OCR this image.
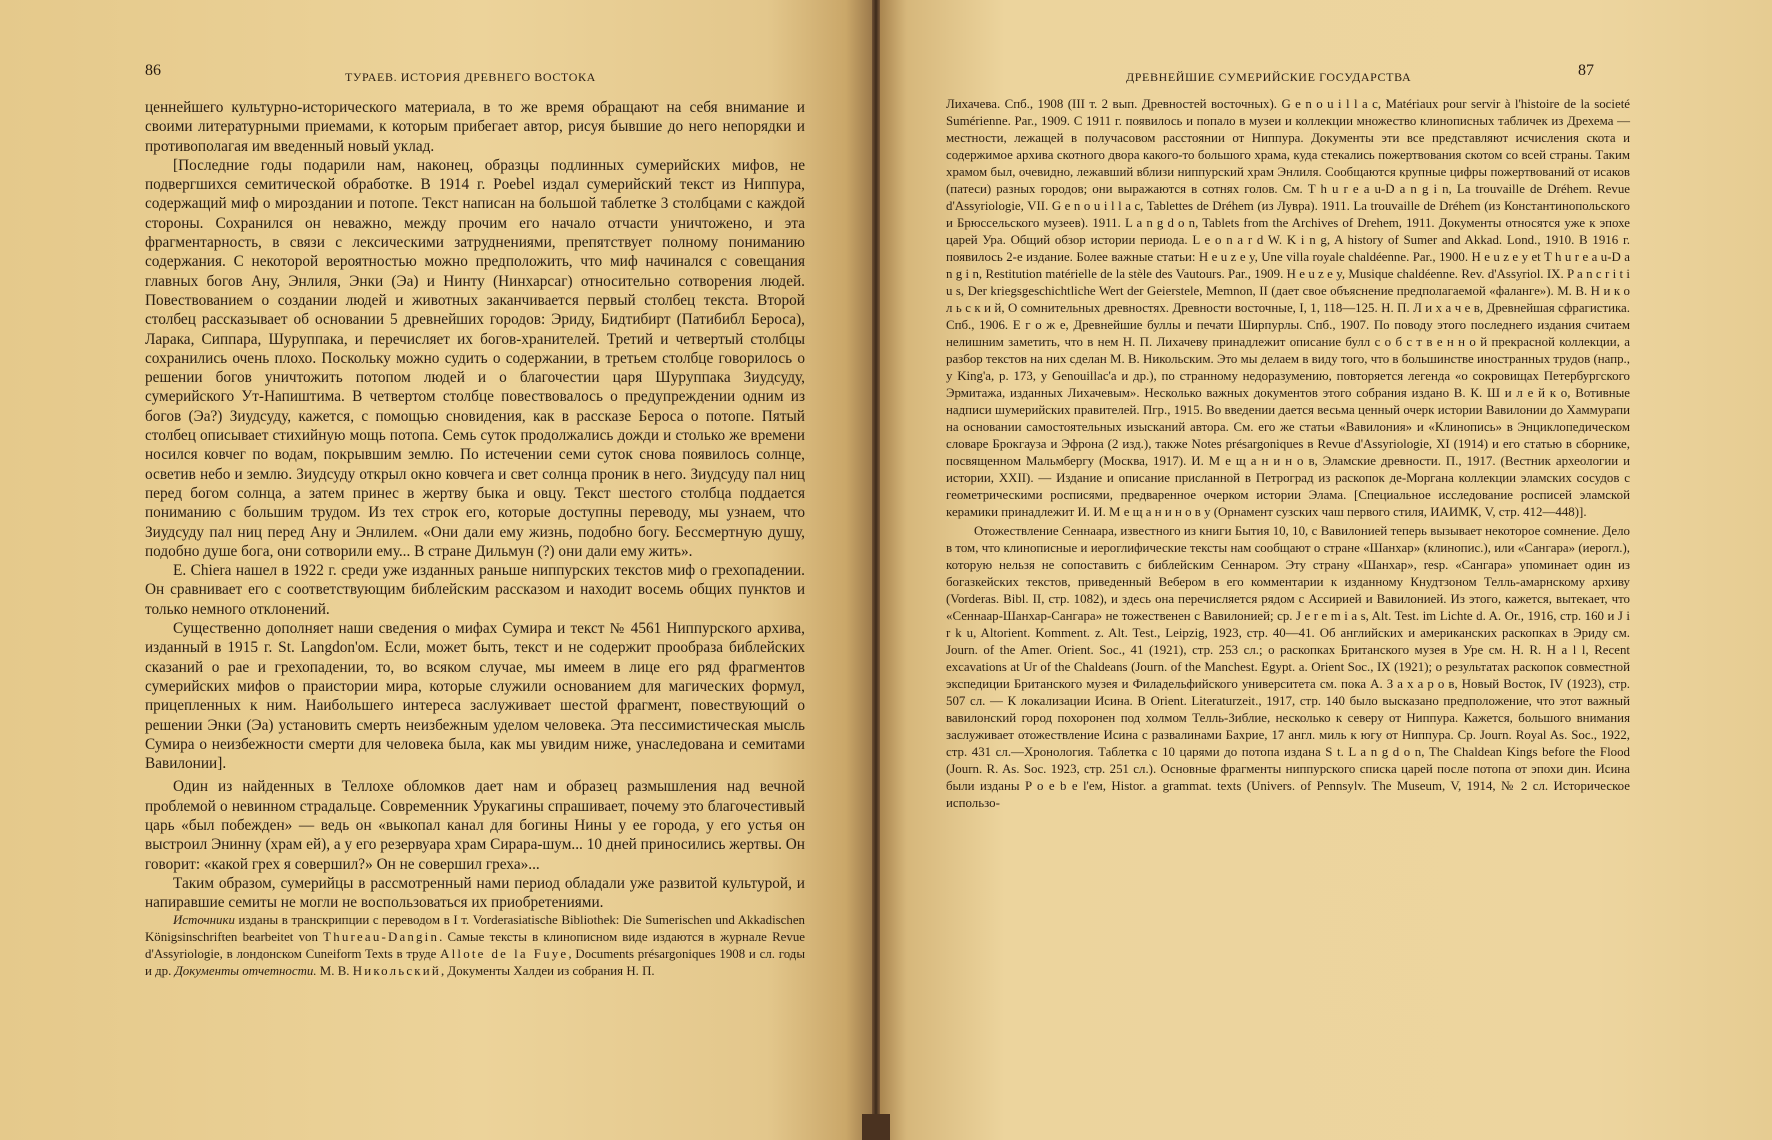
86	ТУРАЕВ. ИСТОРИЯ ДРЕВНЕГО ВОСТОКА

ценнейшего культурно-исторического материала, в то же время обращают на себя внимание и своими литературными приемами, к которым прибегает автор, рисуя бывшие до него непорядки и противополагая им введенный новый уклад.

[Последние годы подарили нам, наконец, образцы подлинных сумерийских мифов, не подвергшихся семитической обработке. В 1914 г. Poebel издал сумерийский текст из Ниппура, содержащий миф о мироздании и потопе. Текст написан на большой таблетке 3 столбцами с каждой стороны. Сохранился он неважно, между прочим его начало отчасти уничтожено, и эта фрагментарность, в связи с лексическими затруднениями, препятствует полному пониманию содержания. С некоторой вероятностью можно предположить, что миф начинался с совещания главных богов Ану, Энлиля, Энки (Эа) и Нинту (Нинхарсаг) относительно сотворения людей. Повествованием о создании людей и животных заканчивается первый столбец текста. Второй столбец рассказывает об основании 5 древнейших городов: Эриду, Бидтибирт (Патибибл Бероса), Ларака, Сиппара, Шуруппака, и перечисляет их богов-хранителей. Третий и четвертый столбцы сохранились очень плохо. Поскольку можно судить о содержании, в третьем столбце говорилось о решении богов уничтожить потопом людей и о благочестии царя Шуруппака Зиудсуду, сумерийского Ут-Напиштима. В четвертом столбце повествовалось о предупреждении одним из богов (Эа?) Зиудсуду, кажется, с помощью сновидения, как в рассказе Бероса о потопе. Пятый столбец описывает стихийную мощь потопа. Семь суток продолжались дожди и столько же времени носился ковчег по водам, покрывшим землю. По истечении семи суток снова появилось солнце, осветив небо и землю. Зиудсуду открыл окно ковчега и свет солнца проник в него. Зиудсуду пал ниц перед богом солнца, а затем принес в жертву быка и овцу. Текст шестого столбца поддается пониманию с большим трудом. Из тех строк его, которые доступны переводу, мы узнаем, что Зиудсуду пал ниц перед Ану и Энлилем. «Они дали ему жизнь, подобно богу. Бессмертную душу, подобно душе бога, они сотворили ему... В стране Дильмун (?) они дали ему жить».

E. Chiera нашел в 1922 г. среди уже изданных раньше ниппурских текстов миф о грехопадении. Он сравнивает его с соответствующим библейским рассказом и находит восемь общих пунктов и только немного отклонений.

Существенно дополняет наши сведения о мифах Сумира и текст № 4561 Ниппурского архива, изданный в 1915 г. St. Langdon'ом. Если, может быть, текст и не содержит прообраза библейских сказаний о рае и грехопадении, то, во всяком случае, мы имеем в лице его ряд фрагментов сумерийских мифов о праистории мира, которые служили основанием для магических формул, прицепленных к ним. Наибольшего интереса заслуживает шестой фрагмент, повествующий о решении Энки (Эа) установить смерть неизбежным уделом человека. Эта пессимистическая мысль Сумира о неизбежности смерти для человека была, как мы увидим ниже, унаследована и семитами Вавилонии].

Один из найденных в Теллохе обломков дает нам и образец размышления над вечной проблемой о невинном страдальце. Современник Урукагины спрашивает, почему это благочестивый царь «был побежден» — ведь он «выкопал канал для богины Нины у ее города, у его устья он выстроил Энинну (храм ей), а у его резервуара храм Сирара-шум... 10 дней приносились жертвы. Он говорит: «какой грех я совершил?» Он не совершил греха»...

Таким образом, сумерийцы в рассмотренный нами период обладали уже развитой культурой, и напиравшие семиты не могли не воспользоваться их приобретениями.

Источники изданы в транскрипции с переводом в I т. Vorderasiatische Bibliothek: Die Sumerischen und Akkadischen Königsinschriften bearbeitet von Thureau-Dangin. Самые тексты в клинописном виде издаются в журнале Revue d'Assyriologie, в лондонском Cuneiform Texts в труде Allote de la Fuye, Documents présargoniques 1908 и сл. годы и др. Документы отчетности. М. В. Никольский, Документы Халдеи из собрания Н. П.

ДРЕВНЕЙШИЕ СУМЕРИЙСКИЕ ГОСУДАРСТВА	87

Лихачева. Спб., 1908 (III т. 2 вып. Древностей восточных). G e n o u i l l a c, Matériaux pour servir à l'histoire de la societé Sumérienne. Par., 1909. С 1911 г. появилось и попало в музеи и коллекции множество клинописных табличек из Дрехема — местности, лежащей в получасовом расстоянии от Ниппура. Документы эти все представляют исчисления скота и содержимое архива скотного двора какого-то большого храма, куда стекались пожертвования скотом со всей страны. Таким храмом был, очевидно, лежавший вблизи ниппурский храм Энлиля. Сообщаются крупные цифры пожертвований от исаков (патеси) разных городов; они выражаются в сотнях голов. См. T h u r e a u-D a n g i n, La trouvaille de Dréhem. Revue d'Assyriologie, VII. G e n o u i l l a c, Tablettes de Dréhem (из Лувра). 1911. La trouvaille de Dréhem (из Константинопольского и Брюссельского музеев). 1911. L a n g d o n, Tablets from the Archives of Drehem, 1911. Документы относятся уже к эпохе царей Ура. Общий обзор истории периода. L e o n a r d W. K i n g, A history of Sumer and Akkad. Lond., 1910. В 1916 г. появилось 2-е издание. Более важные статьи: H e u z e y, Une villa royale chaldéenne. Par., 1900. H e u z e y et T h u r e a u-D a n g i n, Restitution matérielle de la stèle des Vautours. Par., 1909. H e u z e y, Musique chaldéenne. Rev. d'Assyriol. IX. P a n c r i t i u s, Der kriegsgeschichtliche Wert der Geierstele, Memnon, II (дает свое объяснение предполагаемой «фаланге»). М. В. Н и к о л ь с к и й, О сомнительных древностях. Древности восточные, I, 1, 118—125. Н. П. Л и х а ч е в, Древнейшая сфрагистика. Спб., 1906. Е г о ж е, Древнейшие буллы и печати Ширпурлы. Спб., 1907. По поводу этого последнего издания считаем нелишним заметить, что в нем Н. П. Лихачеву принадлежит описание булл с о б с т в е н н о й прекрасной коллекции, а разбор текстов на них сделан М. В. Никольским. Это мы делаем в виду того, что в большинстве иностранных трудов (напр., у King'а, p. 173, у Genouillac'а и др.), по странному недоразумению, повторяется легенда «о сокровищах Петербургского Эрмитажа, изданных Лихачевым». Несколько важных документов этого собрания издано В. К. Ш и л е й к о, Вотивные надписи шумерийских правителей. Пгр., 1915. Во введении дается весьма ценный очерк истории Вавилонии до Хаммурапи на основании самостоятельных изысканий автора. См. его же статьи «Вавилония» и «Клинопись» в Энциклопедическом словаре Брокгауза и Эфрона (2 изд.), также Notes présargoniques в Revue d'Assyriologie, XI (1914) и его статью в сборнике, посвященном Мальмбергу (Москва, 1917). И. М е щ а н и н о в, Эламские древности. П., 1917. (Вестник археологии и истории, XXII). — Издание и описание присланной в Петроград из раскопок де-Моргана коллекции эламских сосудов с геометрическими росписями, предваренное очерком истории Элама. [Специальное исследование росписей эламской керамики принадлежит И. И. М е щ а н и н о в у (Орнамент сузских чаш первого стиля, ИАИМК, V, стр. 412—448)].

Отожествление Сеннаара, известного из книги Бытия 10, 10, с Вавилонией теперь вызывает некоторое сомнение. Дело в том, что клинописные и иероглифические тексты нам сообщают о стране «Шанхар» (клинопис.), или «Сангара» (иерогл.), которую нельзя не сопоставить с библейским Сеннаром. Эту страну «Шанхар», resp. «Сангара» упоминает один из богазкейских текстов, приведенный Вебером в его комментарии к изданному Кнудтзоном Телль-амарнскому архиву (Vorderas. Bibl. II, стр. 1082), и здесь она перечисляется рядом с Ассирией и Вавилонией. Из этого, кажется, вытекает, что «Сеннаар-Шанхар-Сангара» не тожественен с Вавилонией; ср. J e r e m i a s, Alt. Test. im Lichte d. A. Or., 1916, стр. 160 и J i r k u, Altorient. Komment. z. Alt. Test., Leipzig, 1923, стр. 40—41. Об английских и американских раскопках в Эриду см. Journ. of the Amer. Orient. Soc., 41 (1921), стр. 253 сл.; о раскопках Британского музея в Уре см. H. R. H a l l, Recent excavations at Ur of the Chaldeans (Journ. of the Manchest. Egypt. a. Orient Soc., IX (1921); о результатах раскопок совместной экспедиции Британского музея и Филадельфийского университета см. пока А. З а х а р о в, Новый Восток, IV (1923), стр. 507 сл. — К локализации Исина. В Orient. Literaturzeit., 1917, стр. 140 было высказано предположение, что этот важный вавилонский город похоронен под холмом Телль-Зиблие, несколько к северу от Ниппура. Кажется, большого внимания заслуживает отожествление Исина с развалинами Бахрие, 17 англ. миль к югу от Ниппура. Ср. Journ. Royal As. Soc., 1922, стр. 431 сл.—Хронология. Таблетка с 10 царями до потопа издана S t. L a n g d o n, The Chaldean Kings before the Flood (Journ. R. As. Soc. 1923, стр. 251 сл.). Основные фрагменты ниппурского списка царей после потопа от эпохи дин. Исина были изданы P o e b e l'ем, Histor. a grammat. texts (Univers. of Pennsylv. The Museum, V, 1914, № 2 сл. Историческое использо-
